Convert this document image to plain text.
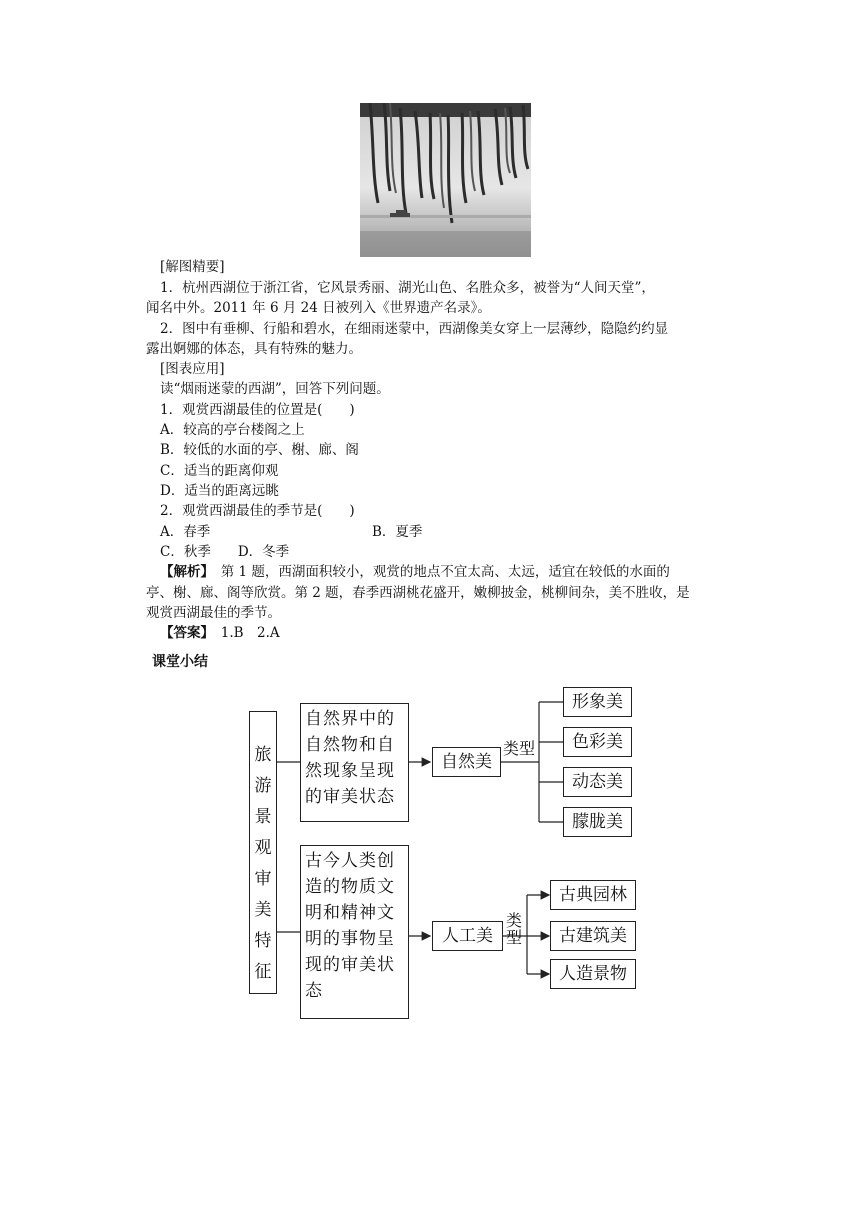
[解图精要]
1．杭州西湖位于浙江省，它风景秀丽、湖光山色、名胜众多，被誉为“人间天堂”，
闻名中外。2011 年 6 月 24 日被列入《世界遗产名录》。
2．图中有垂柳、行船和碧水，在细雨迷蒙中，西湖像美女穿上一层薄纱，隐隐约约显
露出婀娜的体态，具有特殊的魅力。
[图表应用]
读“烟雨迷蒙的西湖”，回答下列问题。
1．观赏西湖最佳的位置是(　　)
A．较高的亭台楼阁之上
B．较低的水面的亭、榭、廊、阁
C．适当的距离仰观
D．适当的距离远眺
2．观赏西湖最佳的季节是(　　)
A．春季	B．夏季
C．秋季　　D．冬季
【解析】　第 1 题，西湖面积较小，观赏的地点不宜太高、太远，适宜在较低的水面的
亭、榭、廊、阁等欣赏。第 2 题，春季西湖桃花盛开，嫩柳披金，桃柳间杂，美不胜收，是
观赏西湖最佳的季节。
【答案】　1.B　2.A
课堂小结
旅
游
景
观
审
美
特
征
自然界中的
自然物和自
然现象呈现
的审美状态
古今人类创
造的物质文
明和精神文
明的事物呈
现的审美状
态
自然美
人工美
类型
类
型
形象美
色彩美
动态美
朦胧美
古典园林
古建筑美
人造景物
